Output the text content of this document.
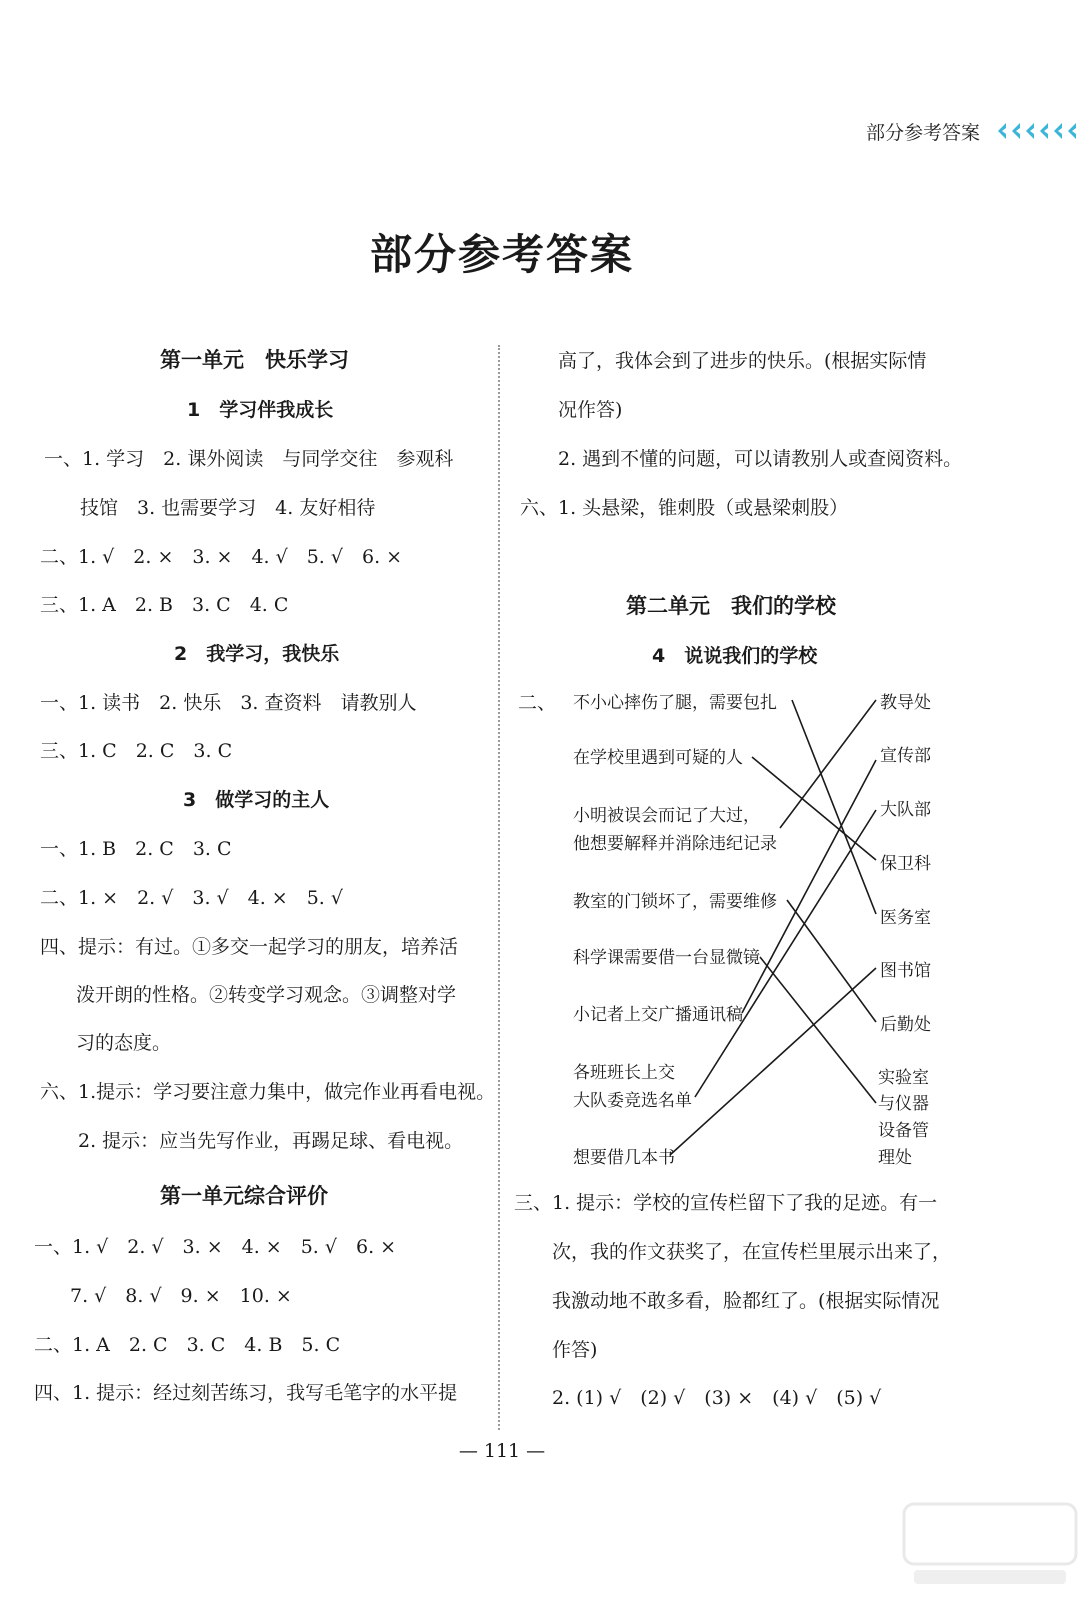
部分参考答案
部分参考答案
第一单元　快乐学习
1　学习伴我成长
一、1. 学习　2. 课外阅读　与同学交往　参观科
技馆　3. 也需要学习　4. 友好相待
二、1. √　2. ×　3. ×　4. √　5. √　6. ×
三、1. A　2. B　3. C　4. C
2　我学习，我快乐
一、1. 读书　2. 快乐　3. 查资料　请教别人
三、1. C　2. C　3. C
3　做学习的主人
一、1. B　2. C　3. C
二、1. ×　2. √　3. √　4. ×　5. √
四、提示：有过。①多交一起学习的朋友，培养活
泼开朗的性格。②转变学习观念。③调整对学
习的态度。
六、1.提示：学习要注意力集中，做完作业再看电视。
2. 提示：应当先写作业，再踢足球、看电视。
第一单元综合评价
一、1. √　2. √　3. ×　4. ×　5. √　6. ×
7. √　8. √　9. ×　10. ×
二、1. A　2. C　3. C　4. B　5. C
四、1. 提示：经过刻苦练习，我写毛笔字的水平提
高了，我体会到了进步的快乐。(根据实际情
况作答)
2. 遇到不懂的问题，可以请教别人或查阅资料。
六、1. 头悬梁，锥刺股（或悬梁刺股）
第二单元　我们的学校
4　说说我们的学校
二、 不小心摔伤了腿，需要包扎
在学校里遇到可疑的人
小明被误会而记了大过，
他想要解释并消除违纪记录
教室的门锁坏了，需要维修
科学课需要借一台显微镜
小记者上交广播通讯稿
各班班长上交
大队委竞选名单
想要借几本书
教导处
宣传部
大队部
保卫科
医务室
图书馆
后勤处
实验室
与仪器
设备管
理处
三、1. 提示：学校的宣传栏留下了我的足迹。有一
次，我的作文获奖了，在宣传栏里展示出来了，
我激动地不敢多看，脸都红了。(根据实际情况
作答)
2. (1) √　(2) √　(3) ×　(4) √　(5) √
— 111 —
